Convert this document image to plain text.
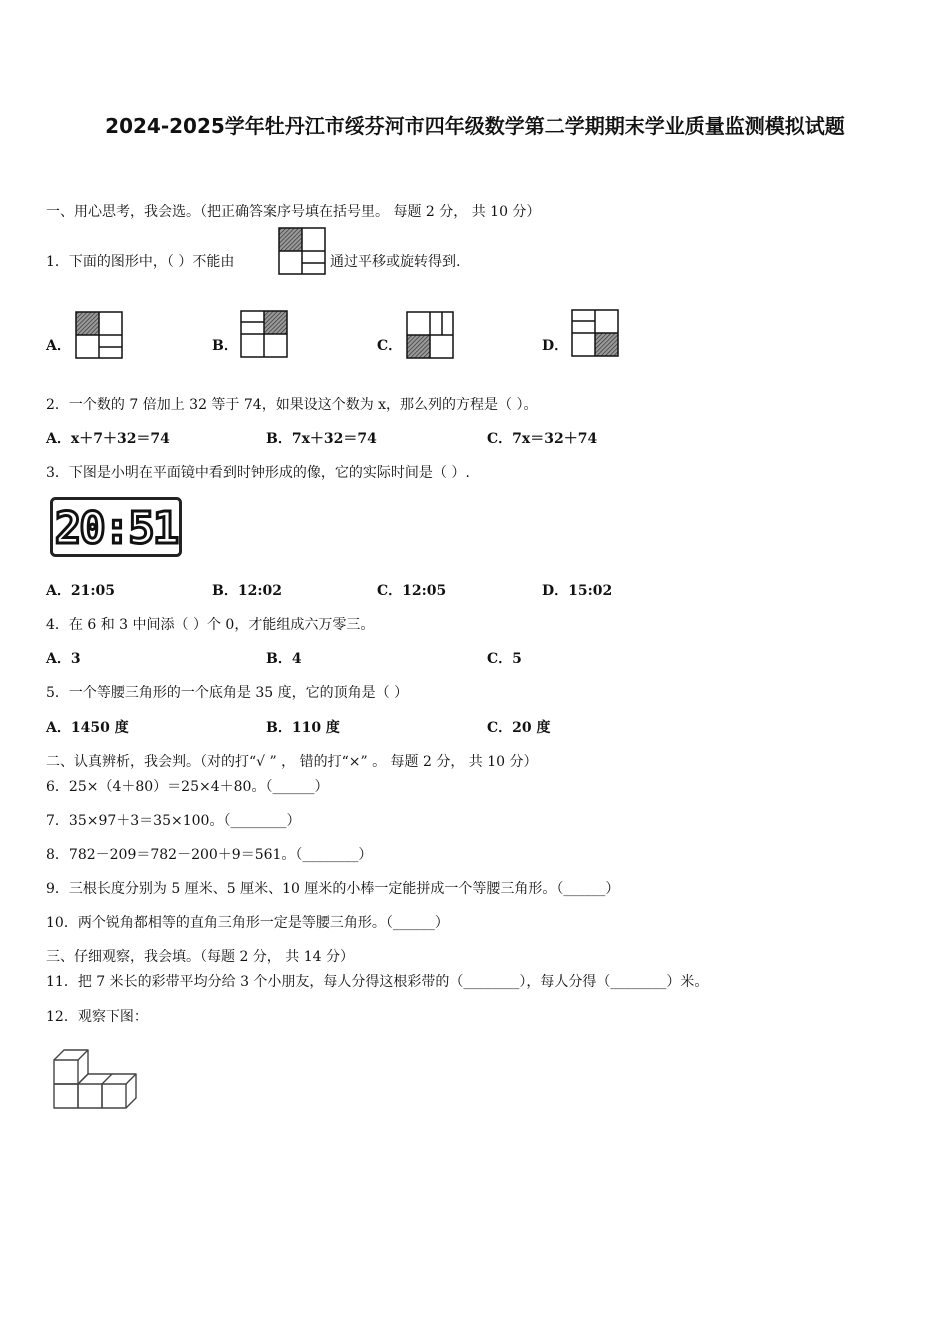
2024-2025学年牡丹江市绥芬河市四年级数学第二学期期末学业质量监测模拟试题
一、用心思考，我会选。（把正确答案序号填在括号里。 每题 2 分， 共 10 分）
1．下面的图形中，（ ）不能由	通过平移或旋转得到.
A．	B．	C．	D．
2．一个数的 7 倍加上 32 等于 74，如果设这个数为 x，那么列的方程是（ ）。
A．x＋7＋32＝74	B．7x＋32＝74	C．7x＝32＋74
3．下图是小明在平面镜中看到时钟形成的像，它的实际时间是（ ）.
20:51
A．21:05	B．12:02	C．12:05	D．15:02
4．在 6 和 3 中间添（ ）个 0，才能组成六万零三。
A．3	B．4	C．5
5．一个等腰三角形的一个底角是 35 度，它的顶角是（ ）
A．1450 度	B．110 度	C．20 度
二、认真辨析，我会判。（对的打“√ ” ， 错的打“×” 。 每题 2 分， 共 10 分）
6．25×（4＋80）＝25×4＋80。（______）
7．35×97＋3＝35×100。（________）
8．782－209＝782－200＋9＝561。（________）
9．三根长度分别为 5 厘米、5 厘米、10 厘米的小棒一定能拼成一个等腰三角形。（______）
10．两个锐角都相等的直角三角形一定是等腰三角形。（______）
三、仔细观察，我会填。（每题 2 分， 共 14 分）
11．把 7 米长的彩带平均分给 3 个小朋友，每人分得这根彩带的（________），每人分得（________）米。
12．观察下图：
